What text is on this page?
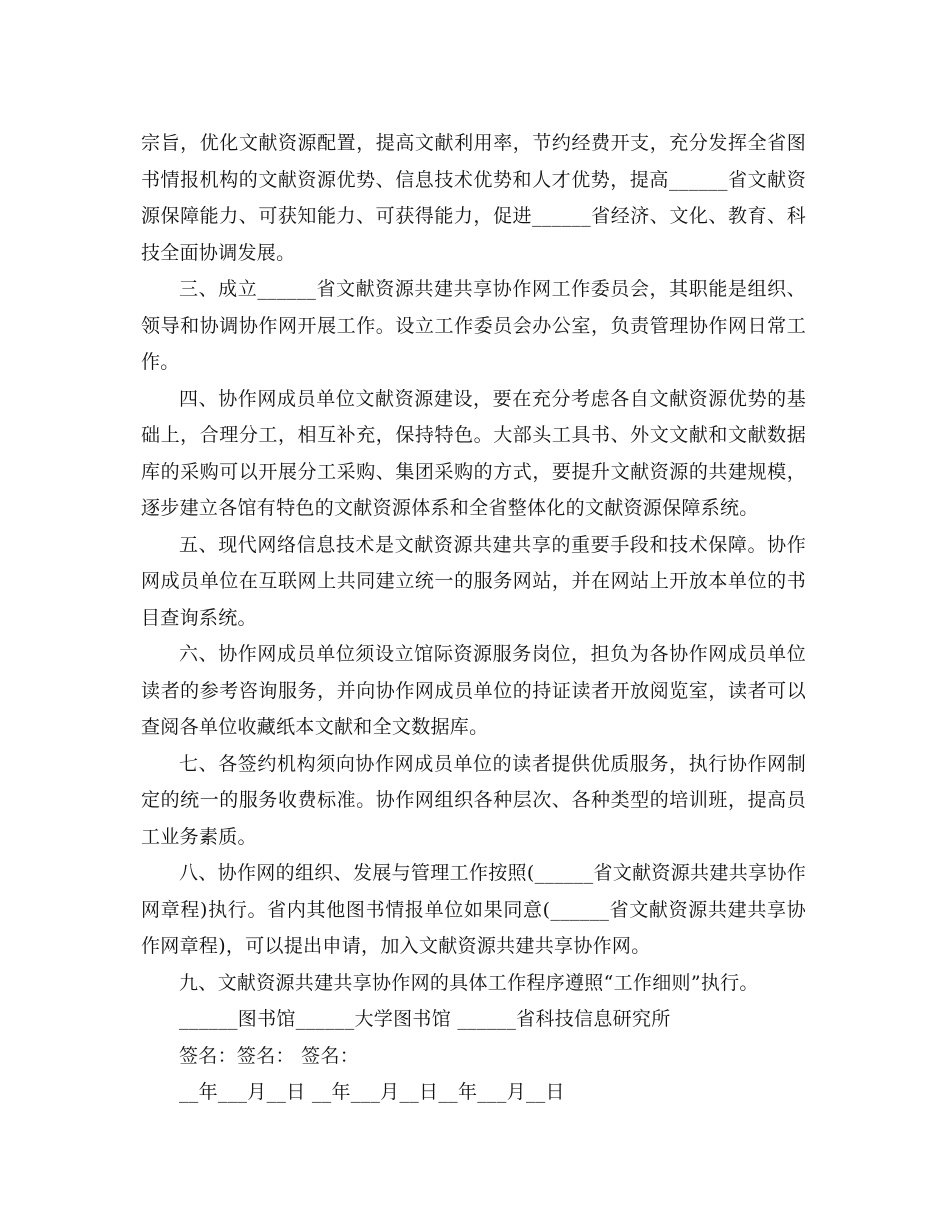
宗旨，优化文献资源配置，提高文献利用率，节约经费开支，充分发挥全省图书情报机构的文献资源优势、信息技术优势和人才优势，提高______省文献资源保障能力、可获知能力、可获得能力，促进______省经济、文化、教育、科技全面协调发展。

三、成立______省文献资源共建共享协作网工作委员会，其职能是组织、领导和协调协作网开展工作。设立工作委员会办公室，负责管理协作网日常工作。

四、协作网成员单位文献资源建设，要在充分考虑各自文献资源优势的基础上，合理分工，相互补充，保持特色。大部头工具书、外文文献和文献数据库的采购可以开展分工采购、集团采购的方式，要提升文献资源的共建规模，逐步建立各馆有特色的文献资源体系和全省整体化的文献资源保障系统。

五、现代网络信息技术是文献资源共建共享的重要手段和技术保障。协作网成员单位在互联网上共同建立统一的服务网站，并在网站上开放本单位的书目查询系统。

六、协作网成员单位须设立馆际资源服务岗位，担负为各协作网成员单位读者的参考咨询服务，并向协作网成员单位的持证读者开放阅览室，读者可以查阅各单位收藏纸本文献和全文数据库。

七、各签约机构须向协作网成员单位的读者提供优质服务，执行协作网制定的统一的服务收费标准。协作网组织各种层次、各种类型的培训班，提高员工业务素质。

八、协作网的组织、发展与管理工作按照(______省文献资源共建共享协作网章程)执行。省内其他图书情报单位如果同意(______省文献资源共建共享协作网章程)，可以提出申请，加入文献资源共建共享协作网。

九、文献资源共建共享协作网的具体工作程序遵照“工作细则”执行。

______图书馆______大学图书馆 ______省科技信息研究所
签名：签名： 签名：
__年___月__日 __年___月__日__年___月__日
